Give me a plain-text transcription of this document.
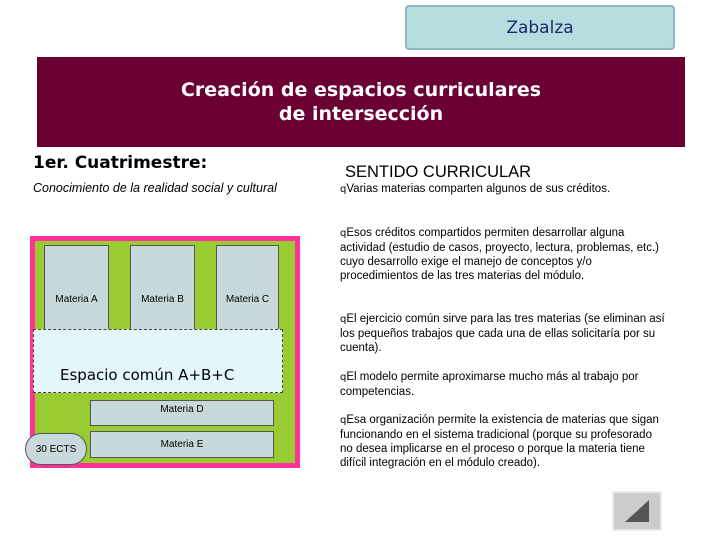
Zabalza
Creación de espacios curriculares
de intersección
1er. Cuatrimestre:
Conocimiento de la realidad social y cultural
Materia A	Materia B	Materia C
Espacio común A+B+C
Materia D
Materia E
30 ECTS
SENTIDO CURRICULAR
qVarias materias comparten algunos de sus créditos.
qEsos créditos compartidos permiten desarrollar alguna actividad (estudio de casos, proyecto, lectura, problemas, etc.) cuyo desarrollo exige el manejo de conceptos y/o procedimientos de las tres materias del módulo.
qEl ejercicio común sirve para las tres materias (se eliminan así los pequeños trabajos que cada una de ellas solicitaría por su cuenta).
qEl modelo permite aproximarse mucho más al trabajo por competencias.
qEsa organización permite la existencia de materias que sigan funcionando en el sistema tradicional (porque su profesorado no desea implicarse en el proceso o porque la materia tiene difícil integración en el módulo creado).
